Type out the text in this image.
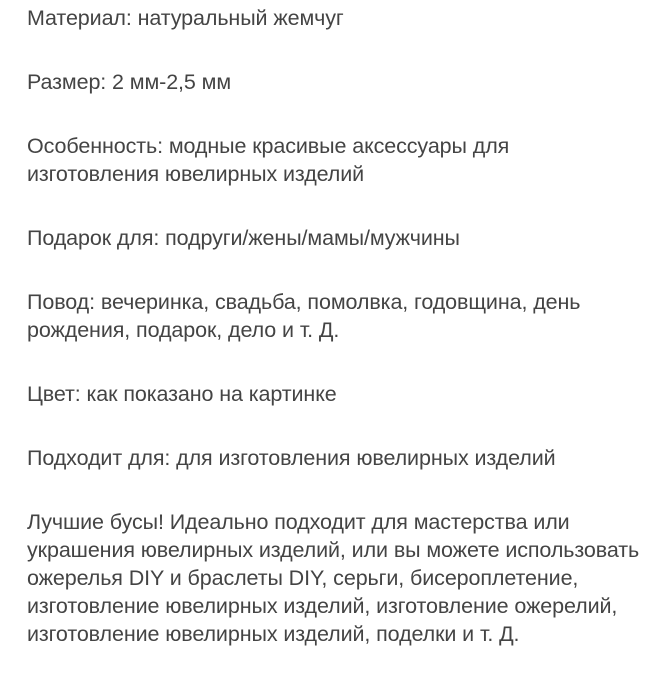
Материал: натуральный жемчуг

Размер: 2 мм-2,5 мм

Особенность: модные красивые аксессуары для изготовления ювелирных изделий

Подарок для: подруги/жены/мамы/мужчины

Повод: вечеринка, свадьба, помолвка, годовщина, день рождения, подарок, дело и т. Д.

Цвет: как показано на картинке

Подходит для: для изготовления ювелирных изделий

Лучшие бусы! Идеально подходит для мастерства или украшения ювелирных изделий, или вы можете использовать ожерелья DIY и браслеты DIY, серьги, бисероплетение, изготовление ювелирных изделий, изготовление ожерелий, изготовление ювелирных изделий, поделки и т. Д.
